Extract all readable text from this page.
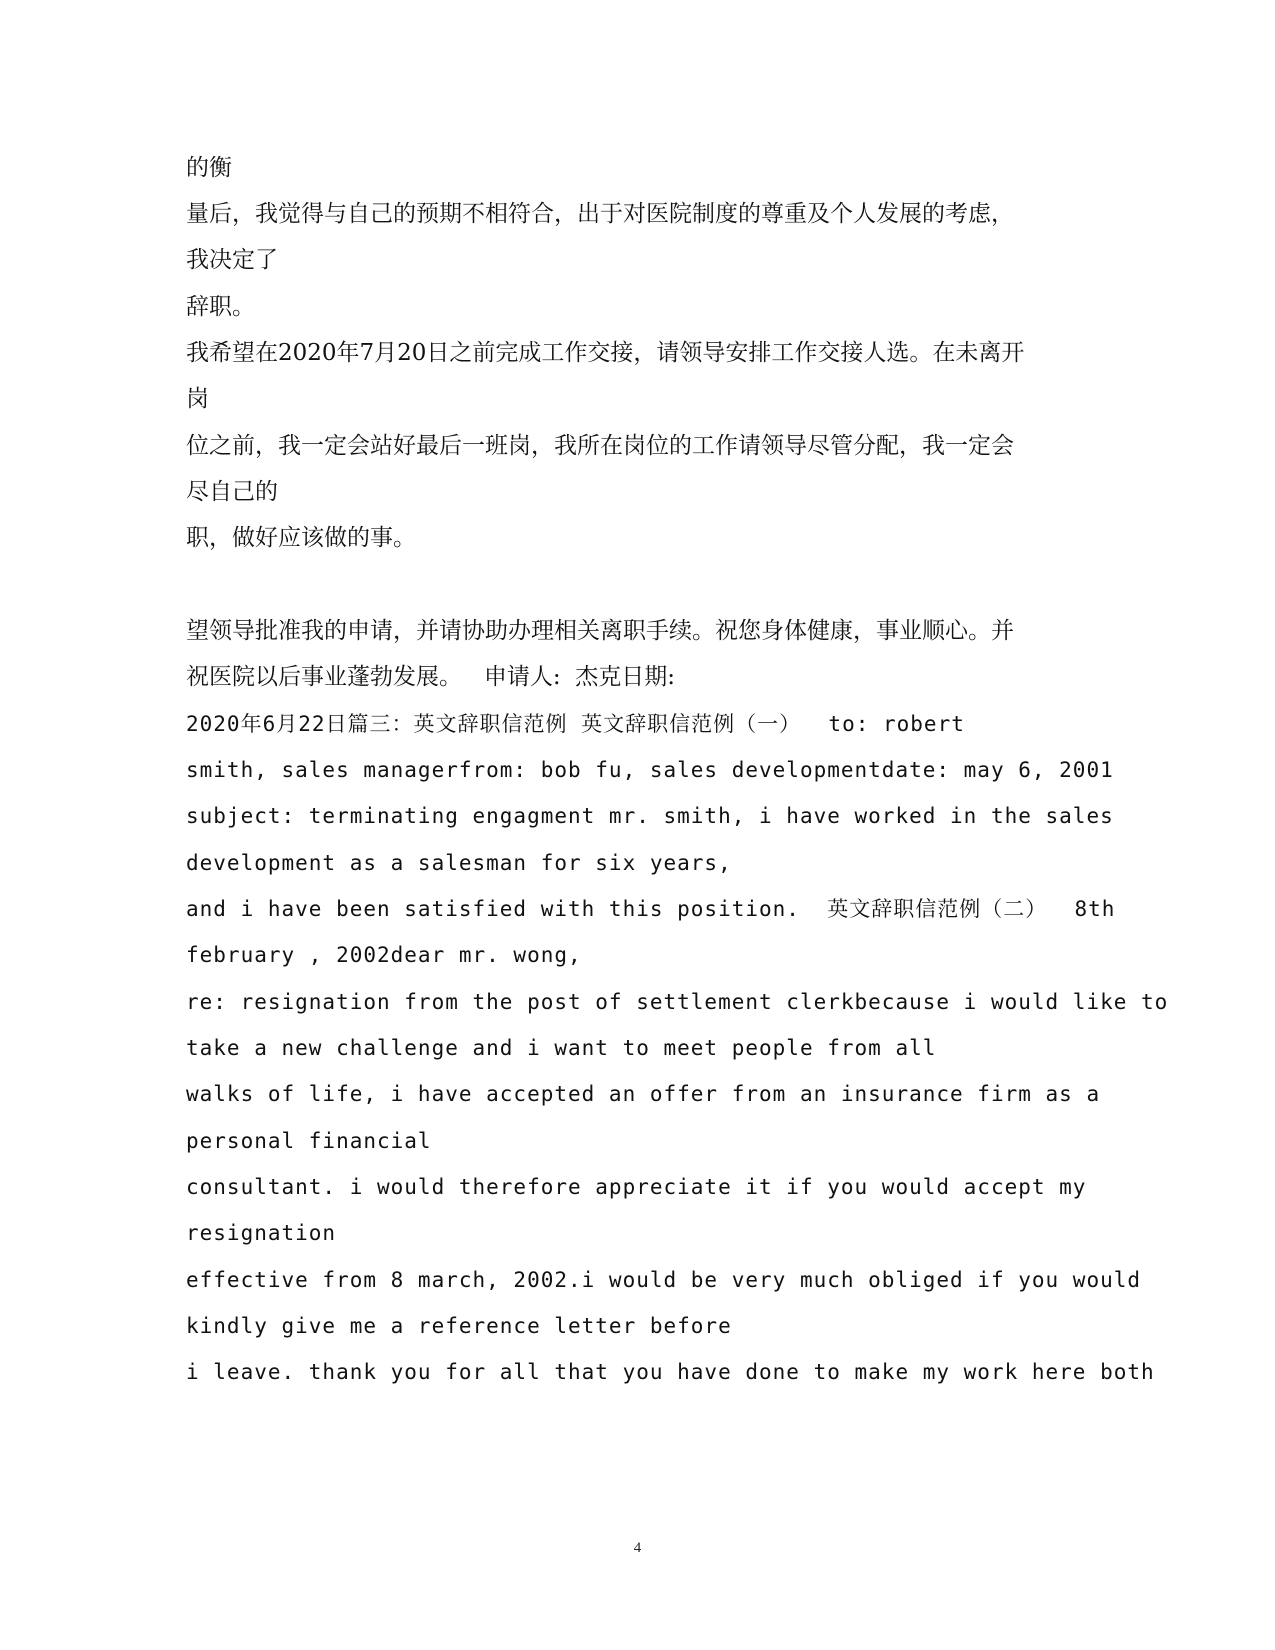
的衡
量后，我觉得与自己的预期不相符合，出于对医院制度的尊重及个人发展的考虑，
我决定了
辞职。
我希望在2020年7月20日之前完成工作交接，请领导安排工作交接人选。在未离开
岗
位之前，我一定会站好最后一班岗，我所在岗位的工作请领导尽管分配，我一定会
尽自己的
职，做好应该做的事。
望领导批准我的申请，并请协助办理相关离职手续。祝您身体健康，事业顺心。并
祝医院以后事业蓬勃发展。   申请人:  杰克日期:
2020年6月22日篇三：英文辞职信范例 英文辞职信范例（一）  to: robert
smith, sales managerfrom: bob fu, sales developmentdate: may 6, 2001
subject: terminating engagment mr. smith, i have worked in the sales
development as a salesman for six years,
and i have been satisfied with this position.  英文辞职信范例（二）  8th
february , 2002dear mr. wong,
re: resignation from the post of settlement clerkbecause i would like to
take a new challenge and i want to meet people from all
walks of life, i have accepted an offer from an insurance firm as a
personal financial
consultant. i would therefore appreciate it if you would accept my
resignation
effective from 8 march, 2002.i would be very much obliged if you would
kindly give me a reference letter before
i leave. thank you for all that you have done to make my work here both
4
